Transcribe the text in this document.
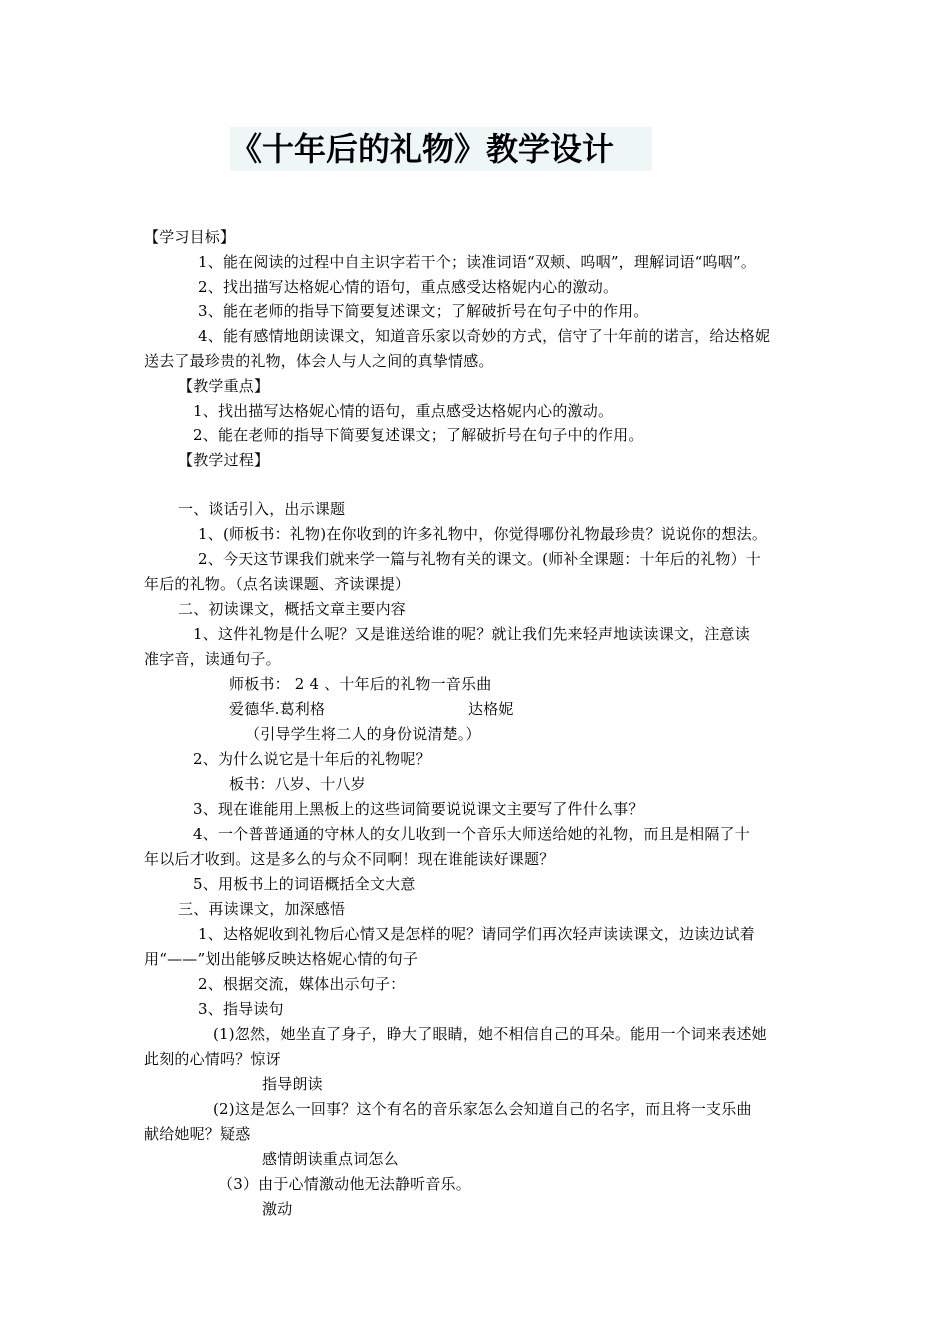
《十年后的礼物》教学设计
【学习目标】
1、能在阅读的过程中自主识字若干个；读准词语“双颊、呜咽”，理解词语“呜咽”。
2、找出描写达格妮心情的语句，重点感受达格妮内心的激动。
3、能在老师的指导下简要复述课文；了解破折号在句子中的作用。
4、能有感情地朗读课文，知道音乐家以奇妙的方式，信守了十年前的诺言，给达格妮
送去了最珍贵的礼物，体会人与人之间的真挚情感。
【教学重点】
1、找出描写达格妮心情的语句，重点感受达格妮内心的激动。
2、能在老师的指导下简要复述课文；了解破折号在句子中的作用。
【教学过程】
一、谈话引入，出示课题
1、(师板书：礼物)在你收到的许多礼物中，你觉得哪份礼物最珍贵？说说你的想法。
2、今天这节课我们就来学一篇与礼物有关的课文。(师补全课题：十年后的礼物）十
年后的礼物。（点名读课题、齐读课提）
二、初读课文，概括文章主要内容
1、这件礼物是什么呢？又是谁送给谁的呢？就让我们先来轻声地读读课文，注意读
准字音，读通句子。
师板书： 2 4 、十年后的礼物一音乐曲
爱德华.葛利格	达格妮
（引导学生将二人的身份说清楚。）
2、为什么说它是十年后的礼物呢？
板书：八岁、十八岁
3、现在谁能用上黑板上的这些词简要说说课文主要写了件什么事？
4、一个普普通通的守林人的女儿收到一个音乐大师送给她的礼物，而且是相隔了十
年以后才收到。这是多么的与众不同啊！现在谁能读好课题？
5、用板书上的词语概括全文大意
三、再读课文，加深感悟
1、达格妮收到礼物后心情又是怎样的呢？请同学们再次轻声读读课文，边读边试着
用“——”划出能够反映达格妮心情的句子
2、根据交流，媒体出示句子：
3、指导读句
(1)忽然，她坐直了身子，睁大了眼睛，她不相信自己的耳朵。能用一个词来表述她
此刻的心情吗？惊讶
指导朗读
(2)这是怎么一回事？这个有名的音乐家怎么会知道自己的名字，而且将一支乐曲
献给她呢？疑惑
感情朗读重点词怎么
（3）由于心情激动他无法静听音乐。
激动
